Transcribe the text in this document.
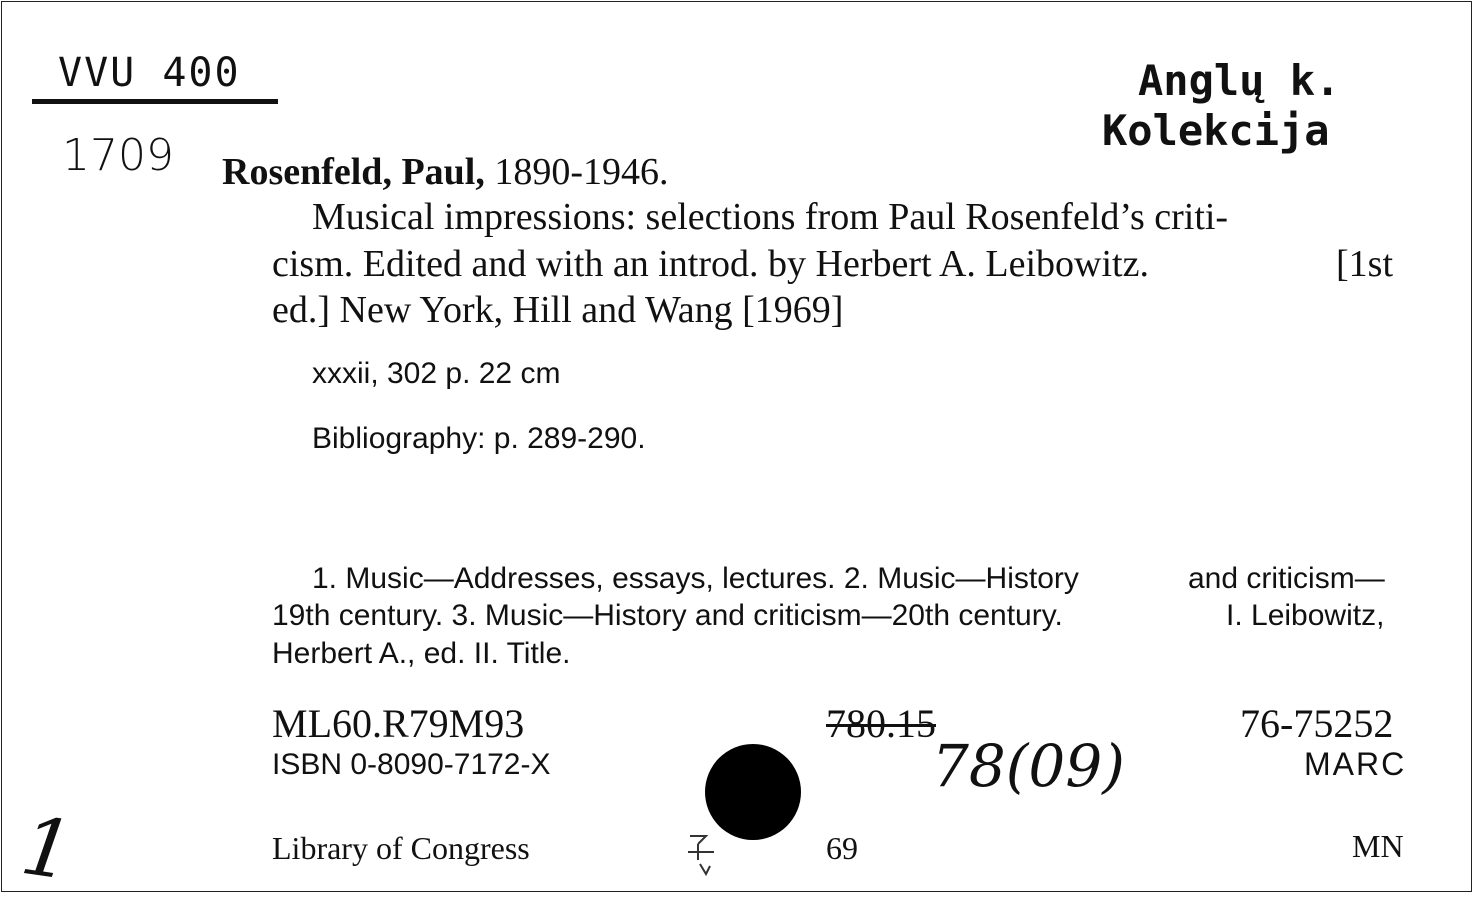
VVU 400
1709
Anglų k.
Kolekcija
Rosenfeld, Paul, 1890-1946.
Musical impressions: selections from Paul Rosenfeld’s criti-
cism. Edited and with an introd. by Herbert A. Leibowitz.	[1st
ed.] New York, Hill and Wang [1969]
xxxii, 302 p. 22 cm
Bibliography: p. 289-290.
1. Music—Addresses, essays, lectures. 2. Music—History	and criticism—
19th century. 3. Music—History and criticism—20th century.	I. Leibowitz,
Herbert A., ed. II. Title.
ML60.R79M93
ISBN 0-8090-7172-X
780.15
78(09)
76-75252
MARC
Library of Congress	69	MN
1
